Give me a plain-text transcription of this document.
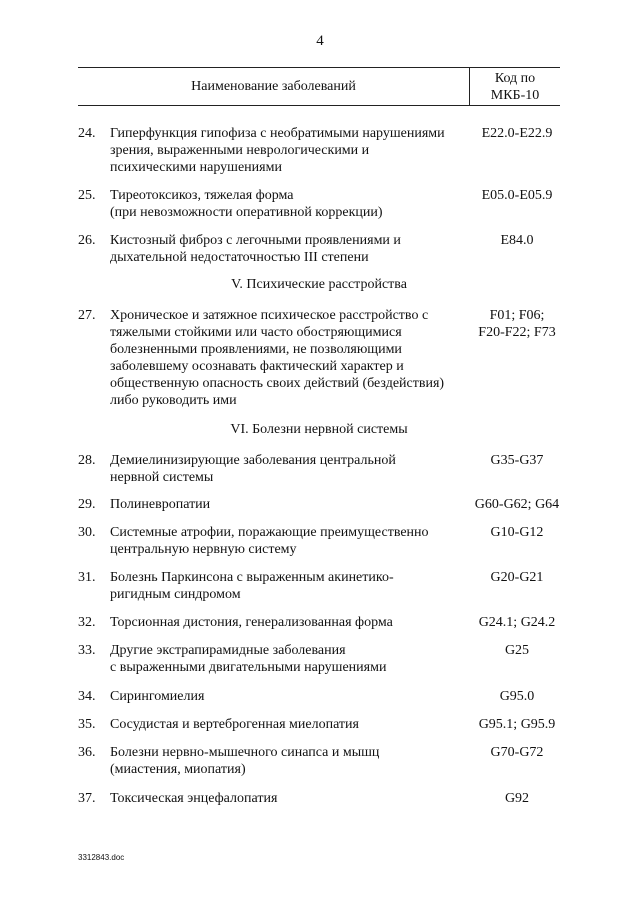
4
Наименование заболеваний
Код по
МКБ-10
24.	Гиперфункция гипофиза с необратимыми нарушениями
зрения, выраженными неврологическими и
психическими нарушениями
E22.0-E22.9
25.	Тиреотоксикоз, тяжелая форма
(при невозможности оперативной коррекции)
E05.0-E05.9
26.	Кистозный фиброз с легочными проявлениями и
дыхательной недостаточностью III степени
E84.0
V. Психические расстройства
27.	Хроническое и затяжное психическое расстройство с
тяжелыми стойкими или часто обостряющимися
болезненными проявлениями, не позволяющими
заболевшему осознавать фактический характер и
общественную опасность своих действий (бездействия)
либо руководить ими
F01; F06;
F20-F22; F73
VI. Болезни нервной системы
28.	Демиелинизирующие заболевания центральной
нервной системы
G35-G37
29.	Полиневропатии	G60-G62; G64
30.	Системные атрофии, поражающие преимущественно
центральную нервную систему
G10-G12
31.	Болезнь Паркинсона с выраженным акинетико-
ригидным синдромом
G20-G21
32.	Торсионная дистония, генерализованная форма	G24.1; G24.2
33.	Другие экстрапирамидные заболевания
с выраженными двигательными нарушениями
G25
34.	Сирингомиелия	G95.0
35.	Сосудистая и вертеброгенная миелопатия	G95.1; G95.9
36.	Болезни нервно-мышечного синапса и мышц
(миастения, миопатия)
G70-G72
37.	Токсическая энцефалопатия	G92
3312843.doc
